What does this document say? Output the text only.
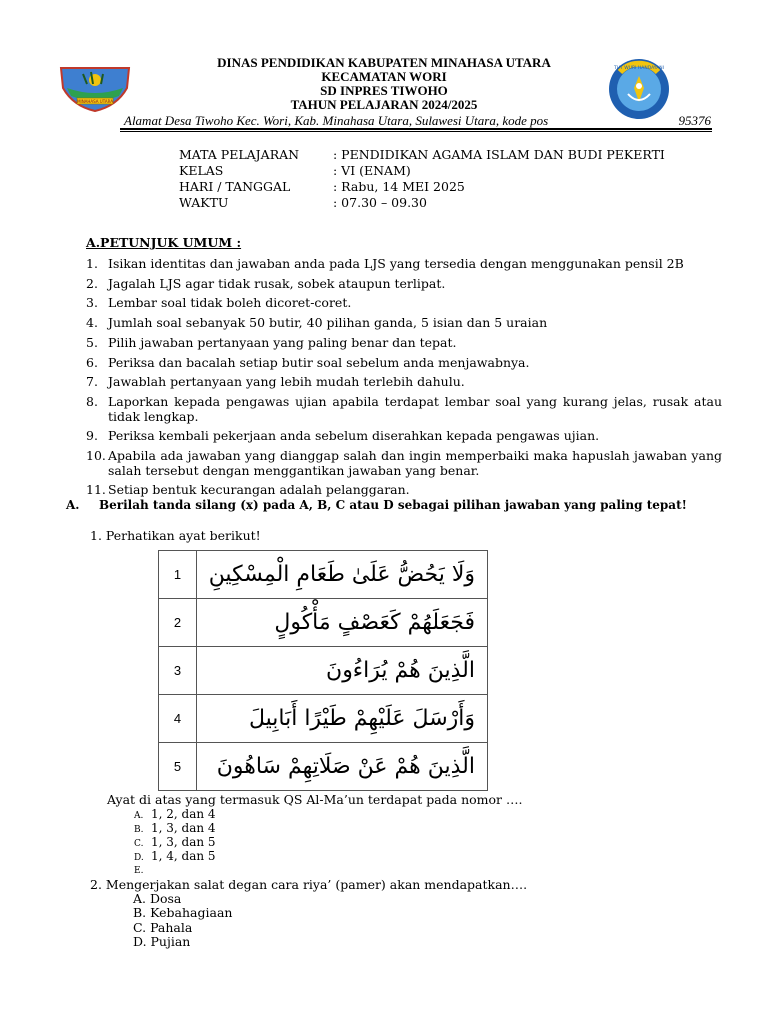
MINAHASA UTARA
TUT WURI HANDAYANI
DINAS PENDIDIKAN KABUPATEN MINAHASA UTARA
KECAMATAN WORI
SD INPRES TIWOHO
TAHUN PELAJARAN 2024/2025
Alamat Desa Tiwoho Kec. Wori, Kab. Minahasa Utara, Sulawesi Utara, kode pos	95376
MATA PELAJARAN	: PENDIDIKAN AGAMA ISLAM DAN BUDI PEKERTI
KELAS	: VI (ENAM)
HARI / TANGGAL	: Rabu, 14 MEI 2025
WAKTU	: 07.30 – 09.30
A.PETUNJUK UMUM :
1. Isikan identitas dan jawaban anda pada LJS yang tersedia dengan menggunakan pensil 2B
2. Jagalah LJS agar tidak rusak, sobek ataupun terlipat.
3. Lembar soal tidak boleh dicoret-coret.
4. Jumlah soal sebanyak 50 butir, 40 pilihan ganda, 5 isian dan 5 uraian
5. Pilih jawaban pertanyaan yang paling benar dan tepat.
6. Periksa dan bacalah setiap butir soal sebelum anda menjawabnya.
7. Jawablah pertanyaan yang lebih mudah terlebih dahulu.
8. Laporkan kepada pengawas ujian apabila terdapat lembar soal yang kurang jelas, rusak atau tidak lengkap.
9. Periksa kembali pekerjaan anda sebelum diserahkan kepada pengawas ujian.
10. Apabila ada jawaban yang dianggap salah dan ingin memperbaiki maka hapuslah jawaban yang salah tersebut dengan menggantikan jawaban yang benar.
11. Setiap bentuk kecurangan adalah pelanggaran.
A. Berilah tanda silang (x) pada A, B, C atau D sebagai pilihan jawaban yang paling tepat!
1. Perhatikan ayat berikut!
1	وَلَا يَحُضُّ عَلَىٰ طَعَامِ الْمِسْكِينِ
2	فَجَعَلَهُمْ كَعَصْفٍ مَأْكُولٍ
3	الَّذِينَ هُمْ يُرَاءُونَ
4	وَأَرْسَلَ عَلَيْهِمْ طَيْرًا أَبَابِيلَ
5	الَّذِينَ هُمْ عَنْ صَلَاتِهِمْ سَاهُونَ
Ayat di atas yang termasuk QS Al-Ma’un terdapat pada nomor ….
A. 1, 2, dan 4
B. 1, 3, dan 4
C. 1, 3, dan 5
D. 1, 4, dan 5
E.
2. Mengerjakan salat degan cara riya’ (pamer) akan mendapatkan….
A. Dosa
B. Kebahagiaan
C. Pahala
D. Pujian
